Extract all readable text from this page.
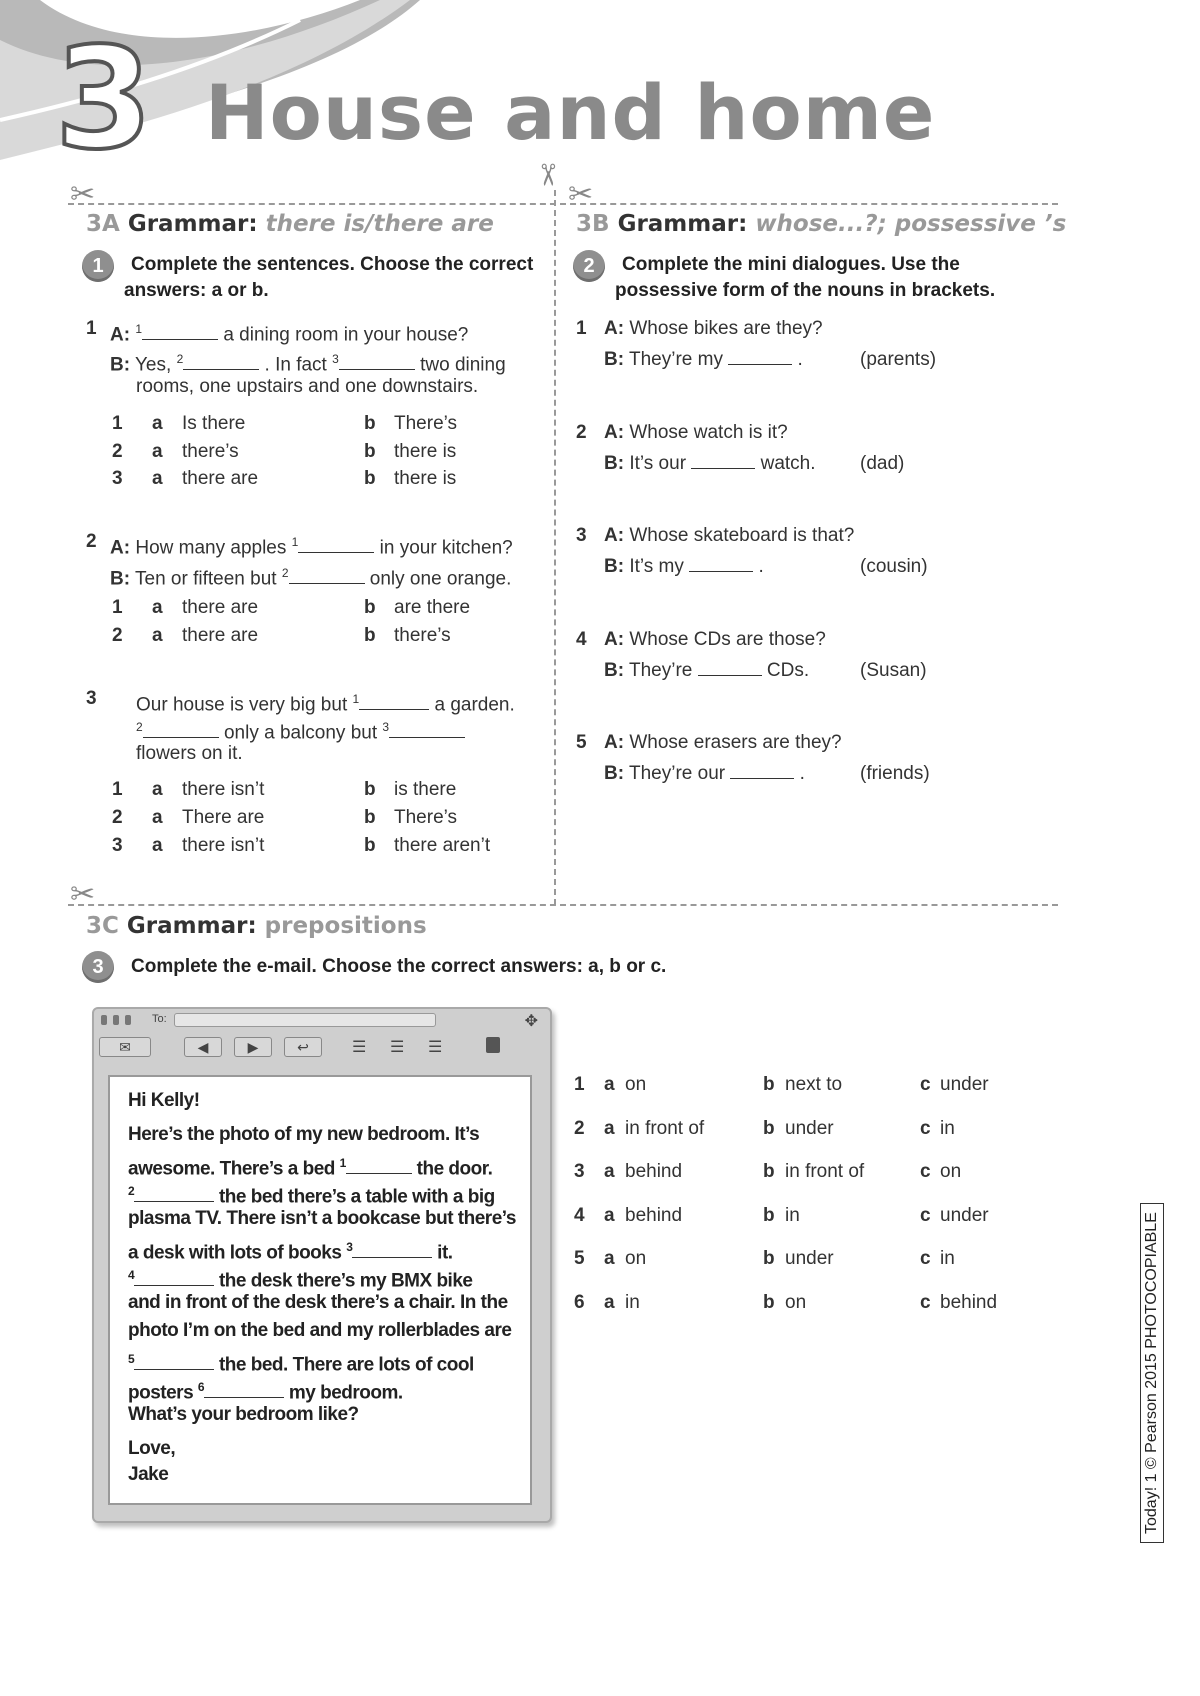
3 House and home
✂	✂
✂
✂
3A Grammar: there is/there are
1	Complete the sentences. Choose the correct
answers: a or b.
1 A: $^1$	a dining room in your house?
B: Yes, $^2$	. In fact $^3$	two dining
rooms, one upstairs and one downstairs.
1 a Is there	b There’s
2 a there’s	b there is
3 a there are	b there is
2 A: How many apples $^1$	in your kitchen?
B: Ten or fifteen but $^2$	only one orange.
1 a there are	b are there
2 a there are	b there’s
3 Our house is very big but $^1$	a garden.
$^2$	only a balcony but $^3$
flowers on it.
1 a there isn’t	b is there
2 a There are	b There’s
3 a there isn’t	b there aren’t
3B Grammar: whose...?; possessive ’s
2	Complete the mini dialogues. Use the
possessive form of the nouns in brackets.
1 A: Whose bikes are they?
B: They’re my	.	(parents)
2 A: Whose watch is it?
B: It’s our	watch. (dad)
3 A: Whose skateboard is that?
B: It’s my	.	(cousin)
4 A: Whose CDs are those?
B: They’re	CDs.	(Susan)
5 A: Whose erasers are they?
B: They’re our	.	(friends)
3C Grammar: prepositions
3	Complete the e-mail. Choose the correct answers: a, b or c.
To:	✥
✉	◀	▶	↩	☰ ☰ ☰
Hi Kelly!
Here’s the photo of my new bedroom. It’s
awesome. There’s a bed $^1$	the door.
$^2$	the bed there’s a table with a big
plasma TV. There isn’t a bookcase but there’s
a desk with lots of books $^3$	it.
$^4$	the desk there’s my BMX bike
and in front of the desk there’s a chair. In the
photo I’m on the bed and my rollerblades are
$^5$	the bed. There are lots of cool
posters $^6$	my bedroom.
What’s your bedroom like?
Love,
Jake
1 a on	b next to	c under
2 a in front of	b under	c in
3 a behind	b in front of	c on
4 a behind	b in	c under
5 a on	b under	c in
6 a in	b on	c behind	Today! 1 © Pearson 2015 PHOTOCOPIABLE
